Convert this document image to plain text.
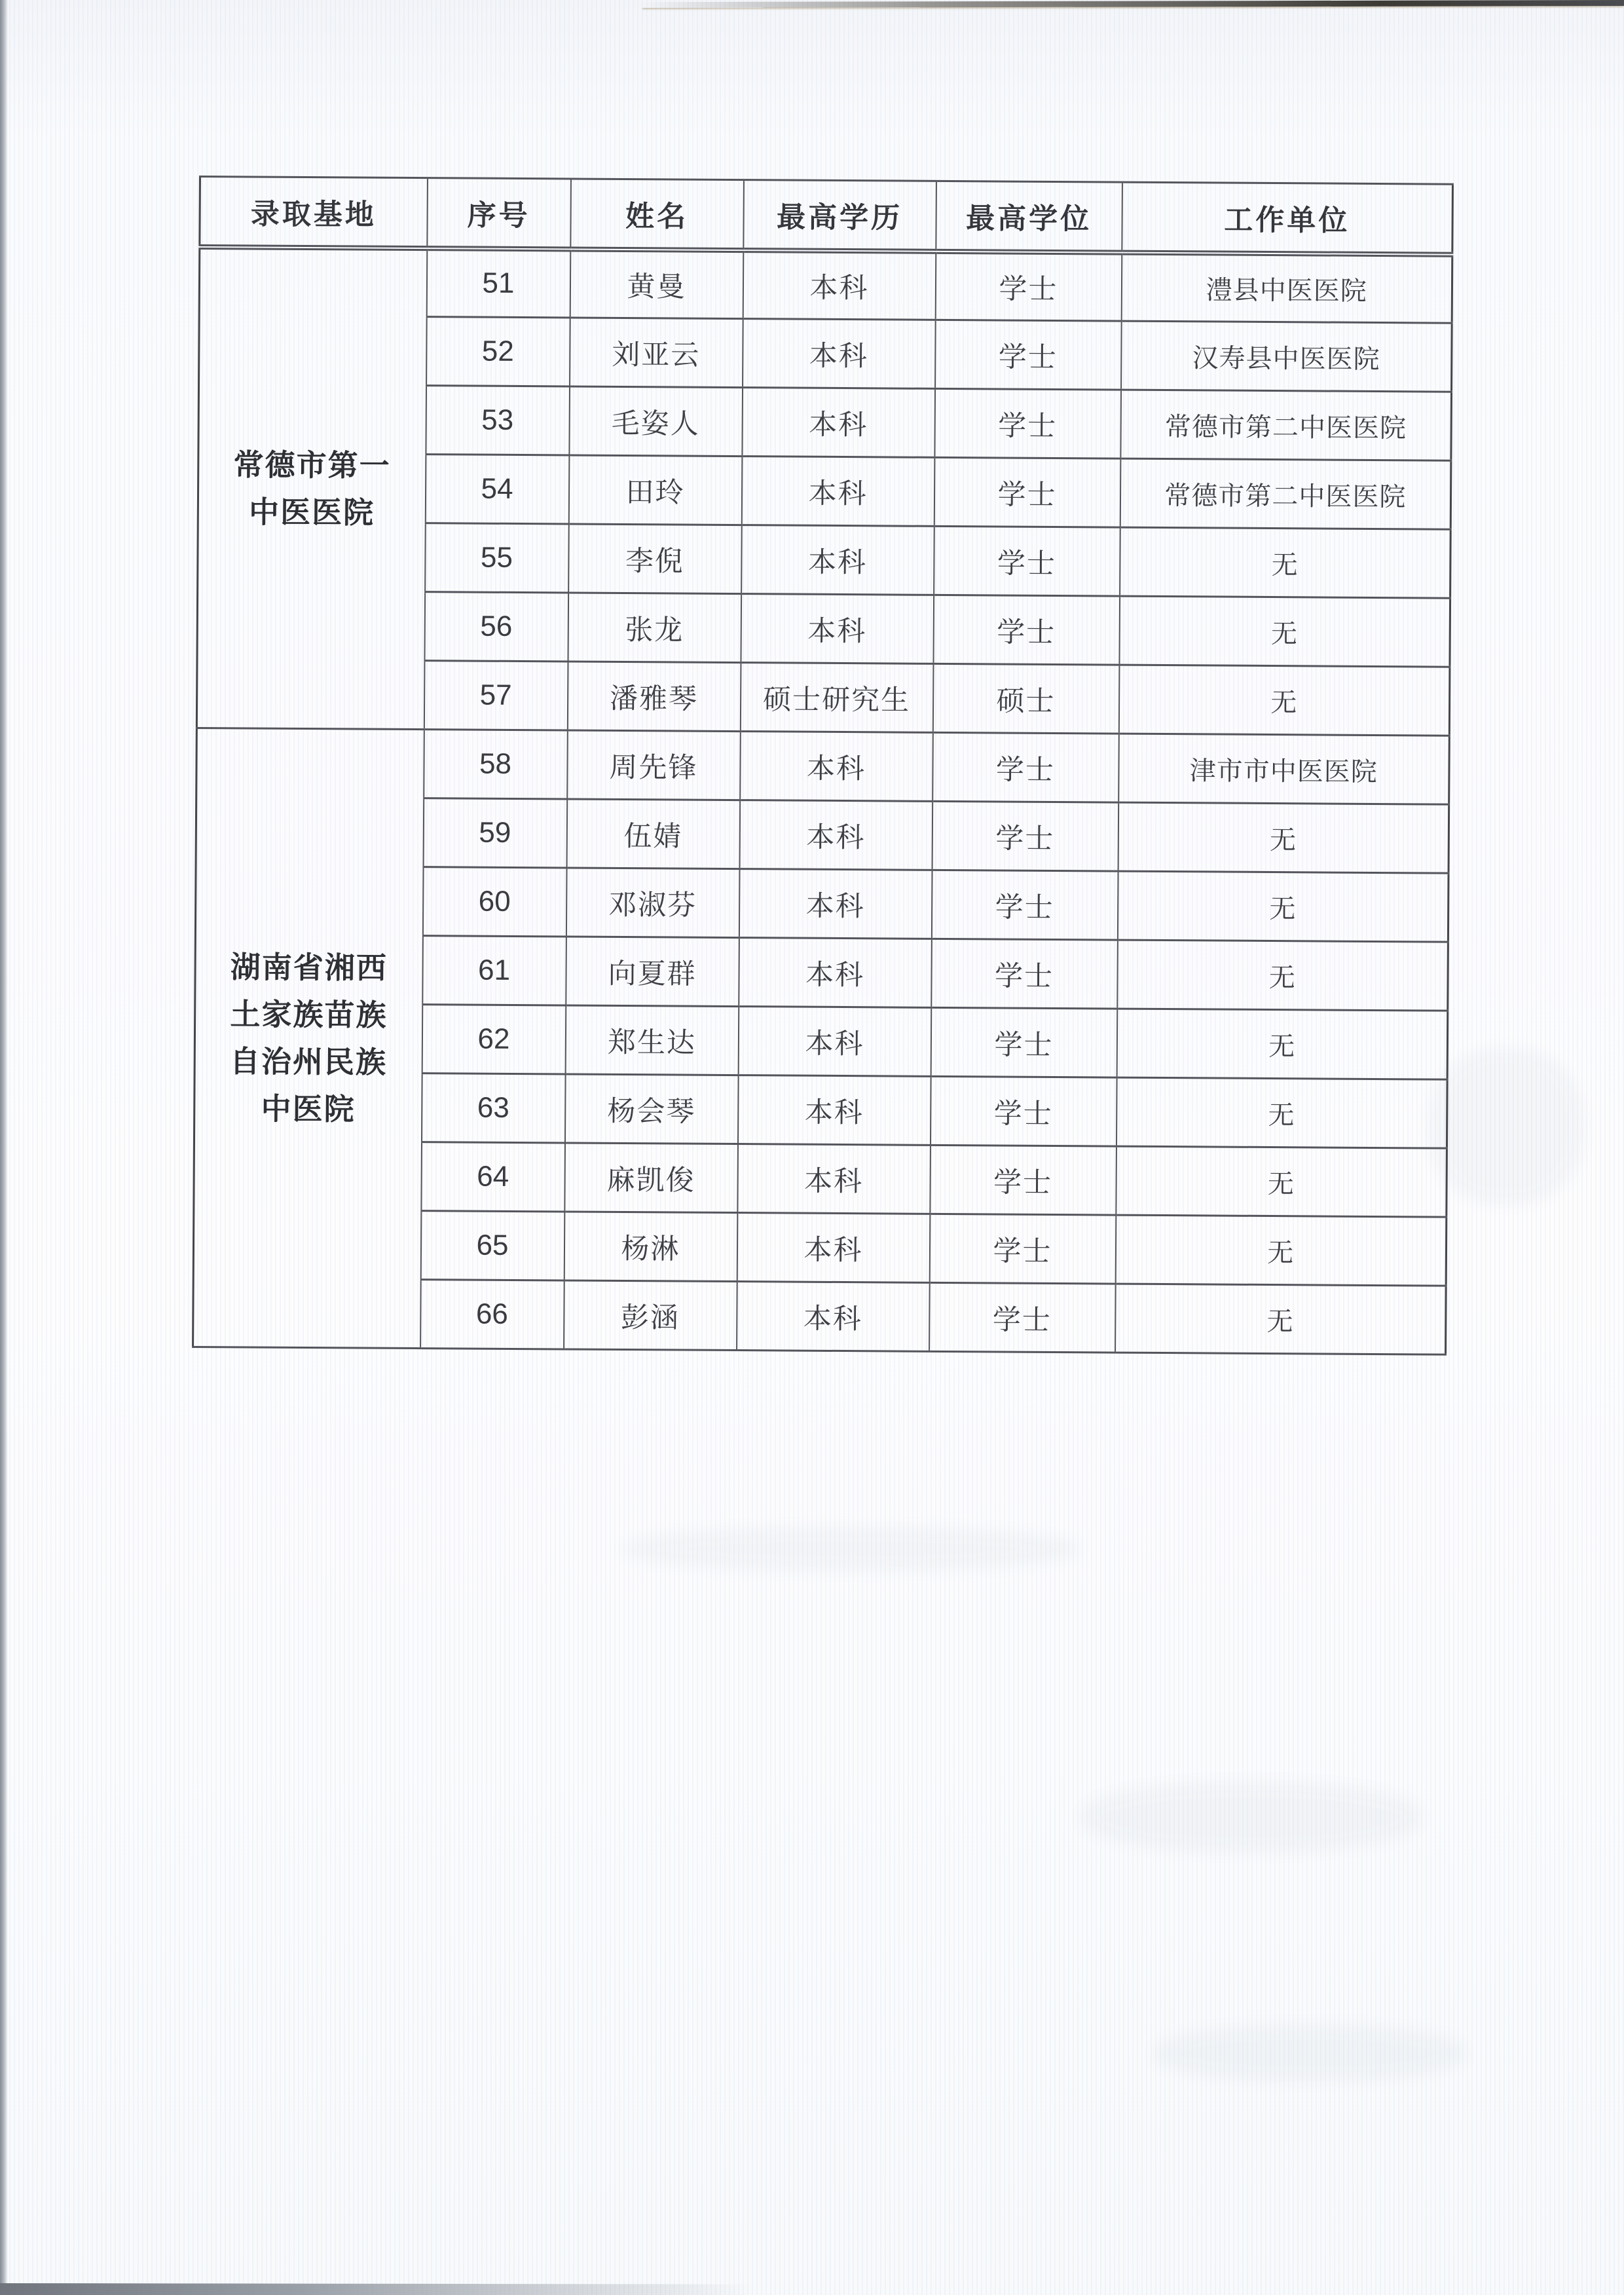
录取基地	序号	姓名	最高学历	最高学位	工作单位

常德市第一
中医医院	51	黄曼	本科	学士	澧县中医医院
	52	刘亚云	本科	学士	汉寿县中医医院
	53	毛姿人	本科	学士	常德市第二中医医院
	54	田玲	本科	学士	常德市第二中医医院
	55	李倪	本科	学士	无
	56	张龙	本科	学士	无
	57	潘雅琴	硕士研究生	硕士	无

湖南省湘西
土家族苗族
自治州民族
中医院	58	周先锋	本科	学士	津市市中医医院
	59	伍婧	本科	学士	无
	60	邓淑芬	本科	学士	无
	61	向夏群	本科	学士	无
	62	郑生达	本科	学士	无
	63	杨会琴	本科	学士	无
	64	麻凯俊	本科	学士	无
	65	杨淋	本科	学士	无
	66	彭涵	本科	学士	无
